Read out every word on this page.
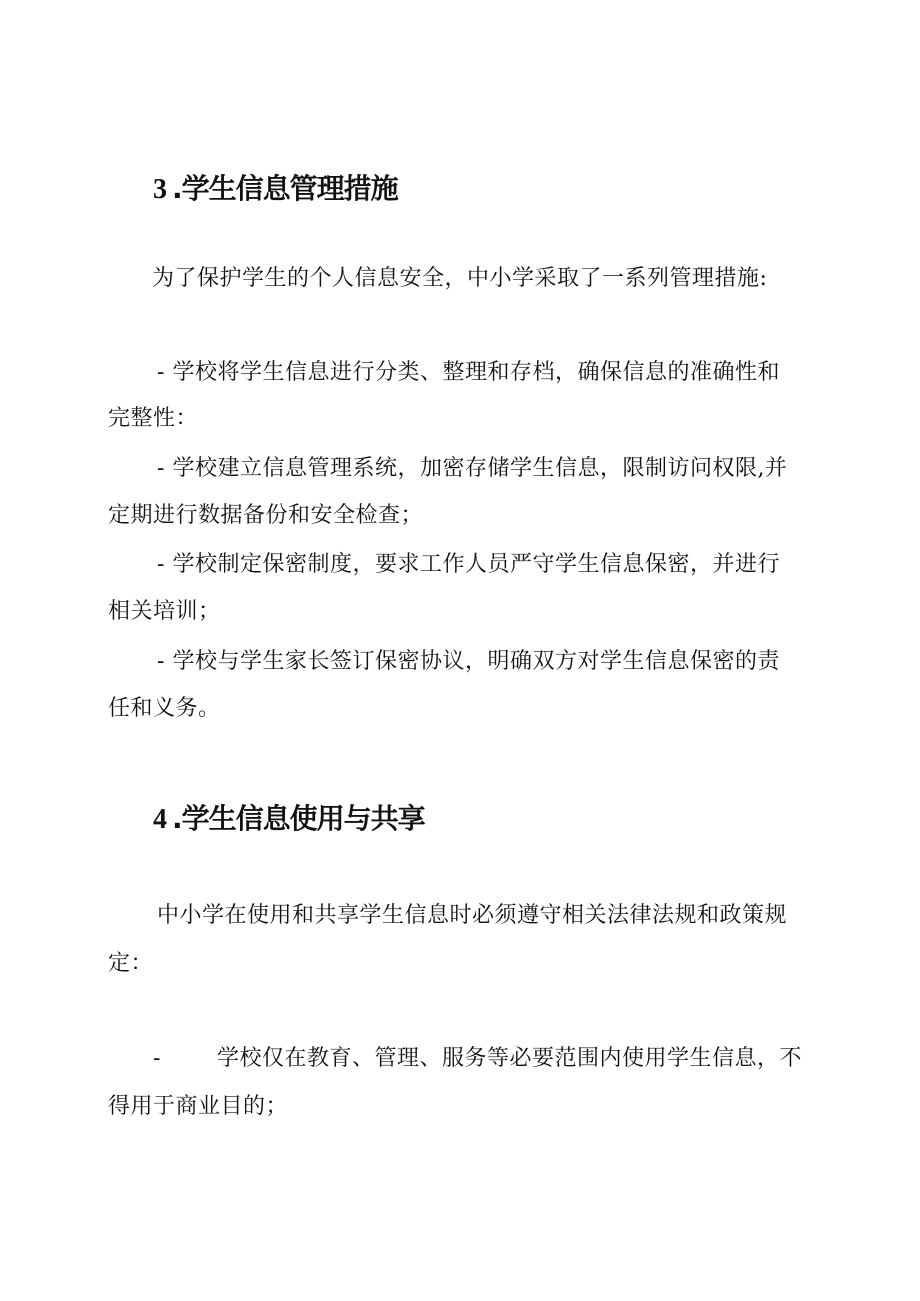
3 .学生信息管理措施
为了保护学生的个人信息安全，中小学采取了一系列管理措施:
- 学校将学生信息进行分类、整理和存档，确保信息的准确性和
完整性：
- 学校建立信息管理系统，加密存储学生信息，限制访问权限,并
定期进行数据备份和安全检查；
- 学校制定保密制度，要求工作人员严守学生信息保密，并进行
相关培训；
- 学校与学生家长签订保密协议，明确双方对学生信息保密的责
任和义务。
4 .学生信息使用与共享
中小学在使用和共享学生信息时必须遵守相关法律法规和政策规
定：
-	学校仅在教育、管理、服务等必要范围内使用学生信息，不
得用于商业目的；
